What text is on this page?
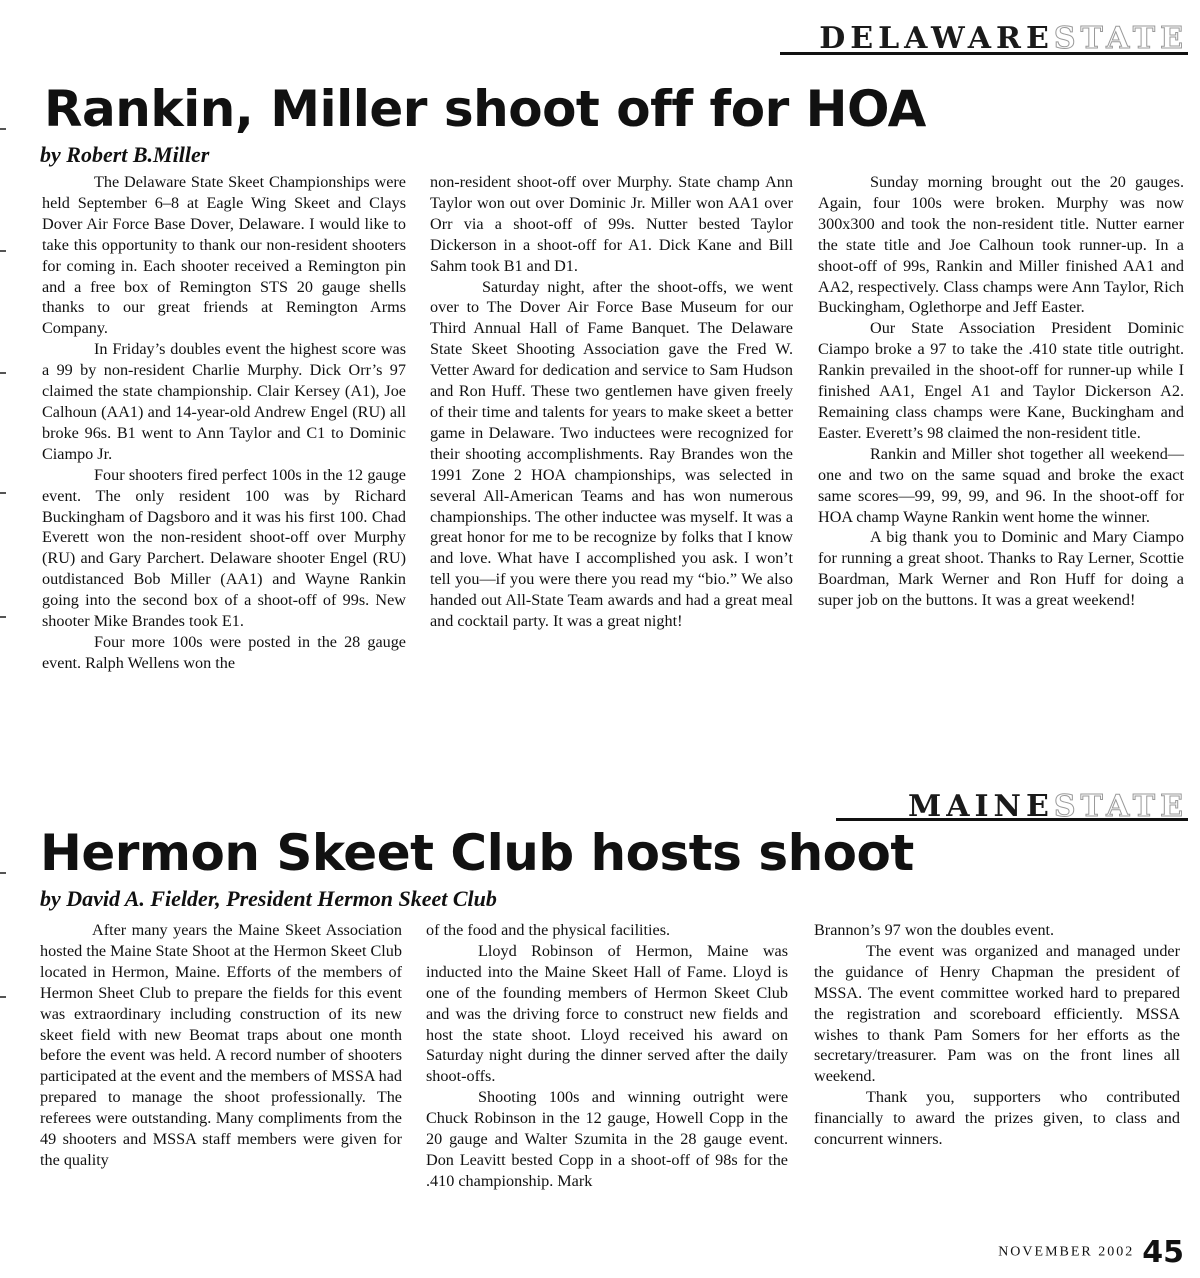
DELAWARESTATE
Rankin, Miller shoot off for HOA
by Robert B.Miller

The Delaware State Skeet Championships were held September 6–8 at Eagle Wing Skeet and Clays Dover Air Force Base Dover, Delaware. I would like to take this opportunity to thank our non-resident shooters for coming in. Each shooter received a Remington pin and a free box of Remington STS 20 gauge shells thanks to our great friends at Remington Arms Company.

In Friday’s doubles event the highest score was a 99 by non-resident Charlie Murphy. Dick Orr’s 97 claimed the state championship. Clair Kersey (A1), Joe Calhoun (AA1) and 14-year-old Andrew Engel (RU) all broke 96s. B1 went to Ann Taylor and C1 to Dominic Ciampo Jr.

Four shooters fired perfect 100s in the 12 gauge event. The only resident 100 was by Richard Buckingham of Dagsboro and it was his first 100. Chad Everett won the non-resident shoot-off over Murphy (RU) and Gary Parchert. Delaware shooter Engel (RU) outdistanced Bob Miller (AA1) and Wayne Rankin going into the second box of a shoot-off of 99s. New shooter Mike Brandes took E1.

Four more 100s were posted in the 28 gauge event. Ralph Wellens won the

non-resident shoot-off over Murphy. State champ Ann Taylor won out over Dominic Jr. Miller won AA1 over Orr via a shoot-off of 99s. Nutter bested Taylor Dickerson in a shoot-off for A1. Dick Kane and Bill Sahm took B1 and D1.

Saturday night, after the shoot-offs, we went over to The Dover Air Force Base Museum for our Third Annual Hall of Fame Banquet. The Delaware State Skeet Shooting Association gave the Fred W. Vetter Award for dedication and service to Sam Hudson and Ron Huff. These two gentlemen have given freely of their time and talents for years to make skeet a better game in Delaware. Two inductees were recognized for their shooting accomplishments. Ray Brandes won the 1991 Zone 2 HOA championships, was selected in several All-American Teams and has won numerous championships. The other inductee was myself. It was a great honor for me to be recognize by folks that I know and love. What have I accomplished you ask. I won’t tell you—if you were there you read my “bio.” We also handed out All-State Team awards and had a great meal and cocktail party. It was a great night!

Sunday morning brought out the 20 gauges. Again, four 100s were broken. Murphy was now 300x300 and took the non-resident title. Nutter earner the state title and Joe Calhoun took runner-up. In a shoot-off of 99s, Rankin and Miller finished AA1 and AA2, respectively. Class champs were Ann Taylor, Rich Buckingham, Oglethorpe and Jeff Easter.

Our State Association President Dominic Ciampo broke a 97 to take the .410 state title outright. Rankin prevailed in the shoot-off for runner-up while I finished AA1, Engel A1 and Taylor Dickerson A2. Remaining class champs were Kane, Buckingham and Easter. Everett’s 98 claimed the non-resident title.

Rankin and Miller shot together all weekend—one and two on the same squad and broke the exact same scores—99, 99, 99, and 96. In the shoot-off for HOA champ Wayne Rankin went home the winner.

A big thank you to Dominic and Mary Ciampo for running a great shoot. Thanks to Ray Lerner, Scottie Boardman, Mark Werner and Ron Huff for doing a super job on the buttons. It was a great weekend!

MAINESTATE
Hermon Skeet Club hosts shoot
by David A. Fielder, President Hermon Skeet Club

After many years the Maine Skeet Association hosted the Maine State Shoot at the Hermon Skeet Club located in Hermon, Maine. Efforts of the members of Hermon Sheet Club to prepare the fields for this event was extraordinary including construction of its new skeet field with new Beomat traps about one month before the event was held. A record number of shooters participated at the event and the members of MSSA had prepared to manage the shoot professionally. The referees were outstanding. Many compliments from the 49 shooters and MSSA staff members were given for the quality

of the food and the physical facilities.

Lloyd Robinson of Hermon, Maine was inducted into the Maine Skeet Hall of Fame. Lloyd is one of the founding members of Hermon Skeet Club and was the driving force to construct new fields and host the state shoot. Lloyd received his award on Saturday night during the dinner served after the daily shoot-offs.

Shooting 100s and winning outright were Chuck Robinson in the 12 gauge, Howell Copp in the 20 gauge and Walter Szumita in the 28 gauge event. Don Leavitt bested Copp in a shoot-off of 98s for the .410 championship. Mark

Brannon’s 97 won the doubles event.

The event was organized and managed under the guidance of Henry Chapman the president of MSSA. The event committee worked hard to prepared the registration and scoreboard efficiently. MSSA wishes to thank Pam Somers for her efforts as the secretary/treasurer. Pam was on the front lines all weekend.

Thank you, supporters who contributed financially to award the prizes given, to class and concurrent winners.

NOVEMBER 2002 45
